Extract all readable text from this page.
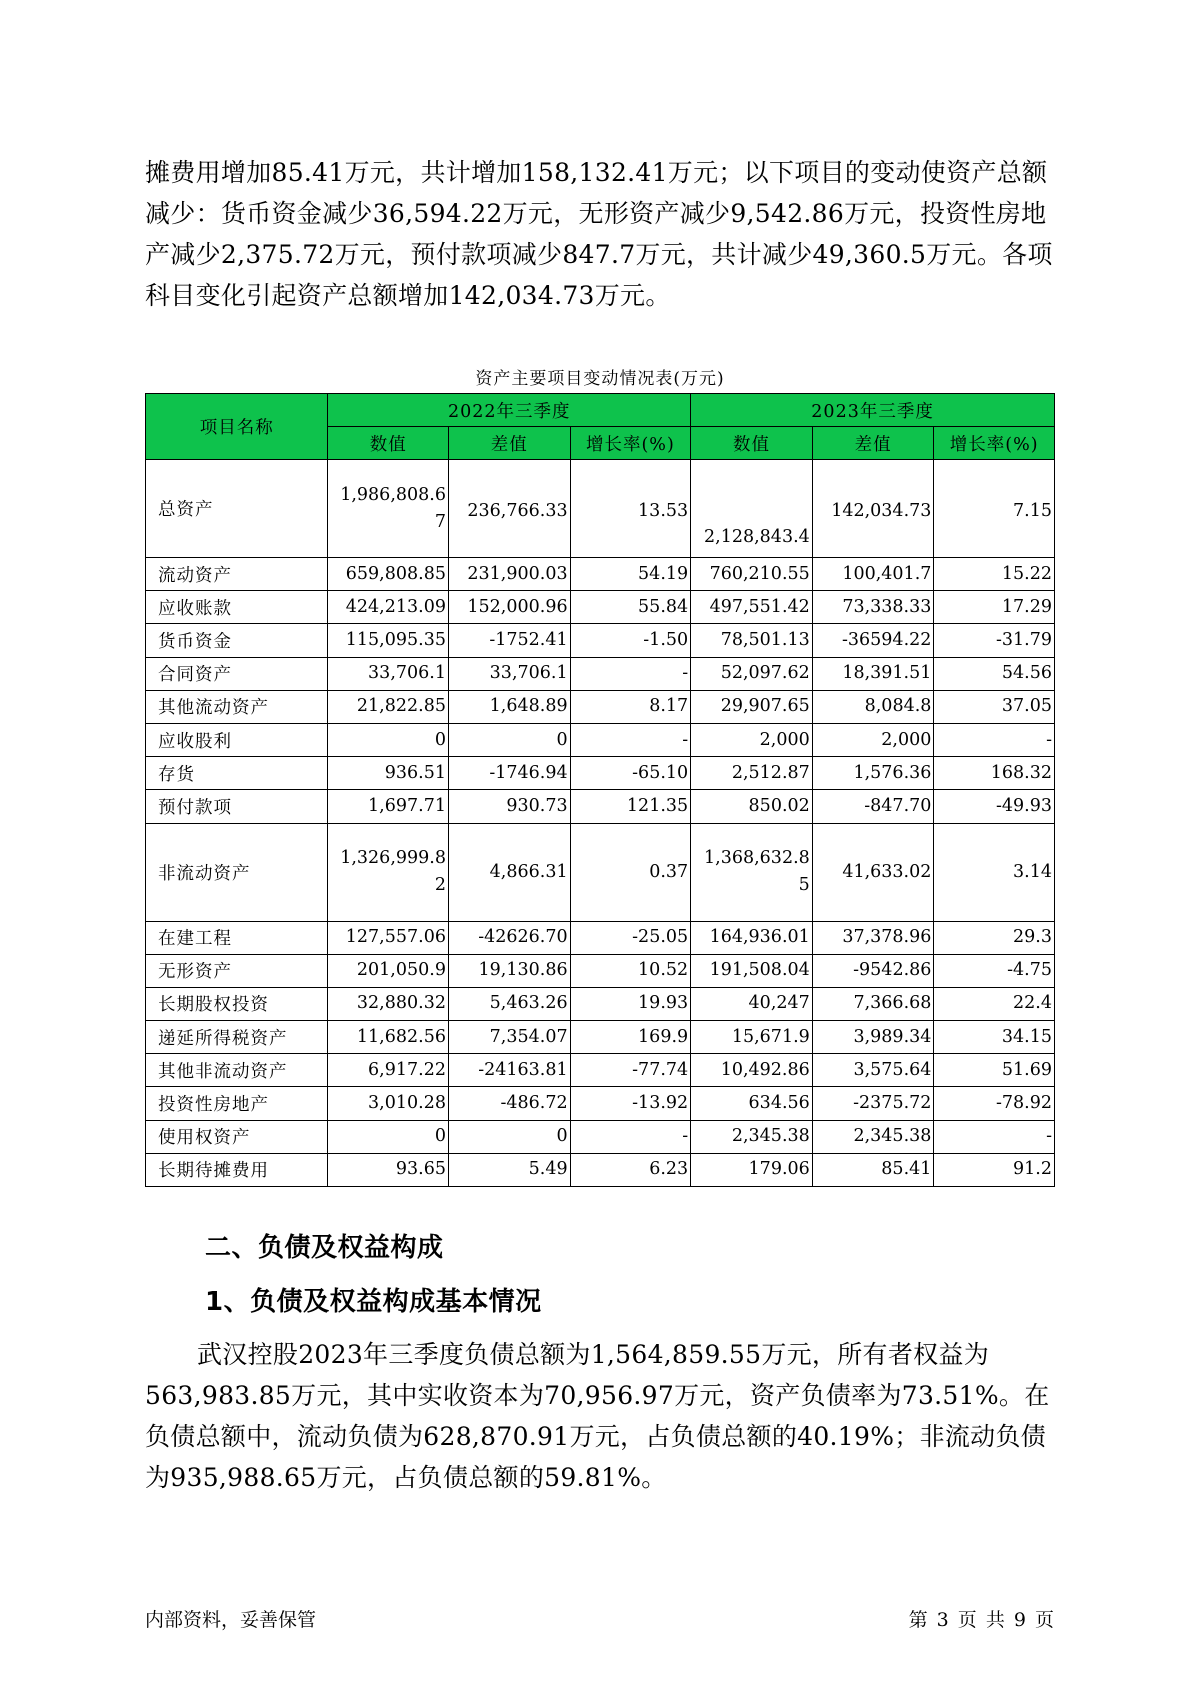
摊费用增加85.41万元，共计增加158,132.41万元；以下项目的变动使资产总额减少：货币资金减少36,594.22万元，无形资产减少9,542.86万元，投资性房地产减少2,375.72万元，预付款项减少847.7万元，共计减少49,360.5万元。各项科目变化引起资产总额增加142,034.73万元。

资产主要项目变动情况表(万元)
项目名称	2022年三季度			2023年三季度		
	数值	差值	增长率(%)	数值	差值	增长率(%)
总资产	1,986,808.67	236,766.33	13.53	2,128,843.4	142,034.73	7.15
流动资产	659,808.85	231,900.03	54.19	760,210.55	100,401.7	15.22
应收账款	424,213.09	152,000.96	55.84	497,551.42	73,338.33	17.29
货币资金	115,095.35	-1752.41	-1.50	78,501.13	-36594.22	-31.79
合同资产	33,706.1	33,706.1	-	52,097.62	18,391.51	54.56
其他流动资产	21,822.85	1,648.89	8.17	29,907.65	8,084.8	37.05
应收股利	0	0	-	2,000	2,000	-
存货	936.51	-1746.94	-65.10	2,512.87	1,576.36	168.32
预付款项	1,697.71	930.73	121.35	850.02	-847.70	-49.93
非流动资产	1,326,999.82	4,866.31	0.37	1,368,632.85	41,633.02	3.14
在建工程	127,557.06	-42626.70	-25.05	164,936.01	37,378.96	29.3
无形资产	201,050.9	19,130.86	10.52	191,508.04	-9542.86	-4.75
长期股权投资	32,880.32	5,463.26	19.93	40,247	7,366.68	22.4
递延所得税资产	11,682.56	7,354.07	169.9	15,671.9	3,989.34	34.15
其他非流动资产	6,917.22	-24163.81	-77.74	10,492.86	3,575.64	51.69
投资性房地产	3,010.28	-486.72	-13.92	634.56	-2375.72	-78.92
使用权资产	0	0	-	2,345.38	2,345.38	-
长期待摊费用	93.65	5.49	6.23	179.06	85.41	91.2
二、负债及权益构成
1、负债及权益构成基本情况

武汉控股2023年三季度负债总额为1,564,859.55万元，所有者权益为563,983.85万元，其中实收资本为70,956.97万元，资产负债率为73.51%。在负债总额中，流动负债为628,870.91万元，占负债总额的40.19%；非流动负债为935,988.65万元，占负债总额的59.81%。

内部资料，妥善保管	第 3 页 共 9 页
